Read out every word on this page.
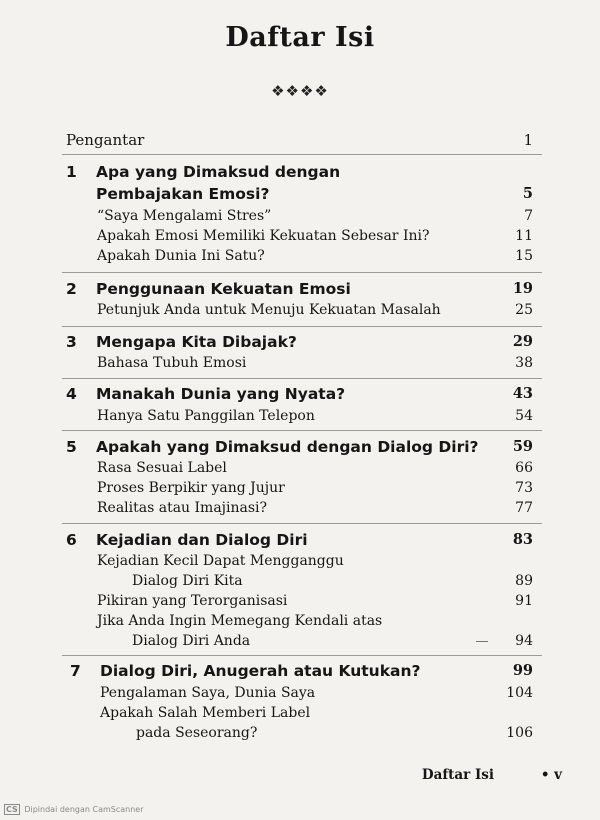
Daftar Isi
❖❖❖❖
Pengantar	1
1 Apa yang Dimaksud dengan
Pembajakan Emosi?	5
“Saya Mengalami Stres”	7
Apakah Emosi Memiliki Kekuatan Sebesar Ini?	11
Apakah Dunia Ini Satu?	15
2 Penggunaan Kekuatan Emosi	19
Petunjuk Anda untuk Menuju Kekuatan Masalah	25
3 Mengapa Kita Dibajak?	29
Bahasa Tubuh Emosi	38
4 Manakah Dunia yang Nyata?	43
Hanya Satu Panggilan Telepon	54
5 Apakah yang Dimaksud dengan Dialog Diri? 59
Rasa Sesuai Label	66
Proses Berpikir yang Jujur	73
Realitas atau Imajinasi?	77
6 Kejadian dan Dialog Diri	83
Kejadian Kecil Dapat Mengganggu
Dialog Diri Kita	89
Pikiran yang Terorganisasi	91
Jika Anda Ingin Memegang Kendali atas
Dialog Diri Anda	94
7 Dialog Diri, Anugerah atau Kutukan?	99
Pengalaman Saya, Dunia Saya	104
Apakah Salah Memberi Label
pada Seseorang?	106
Daftar Isi	• v
CS Dipindai dengan CamScanner
